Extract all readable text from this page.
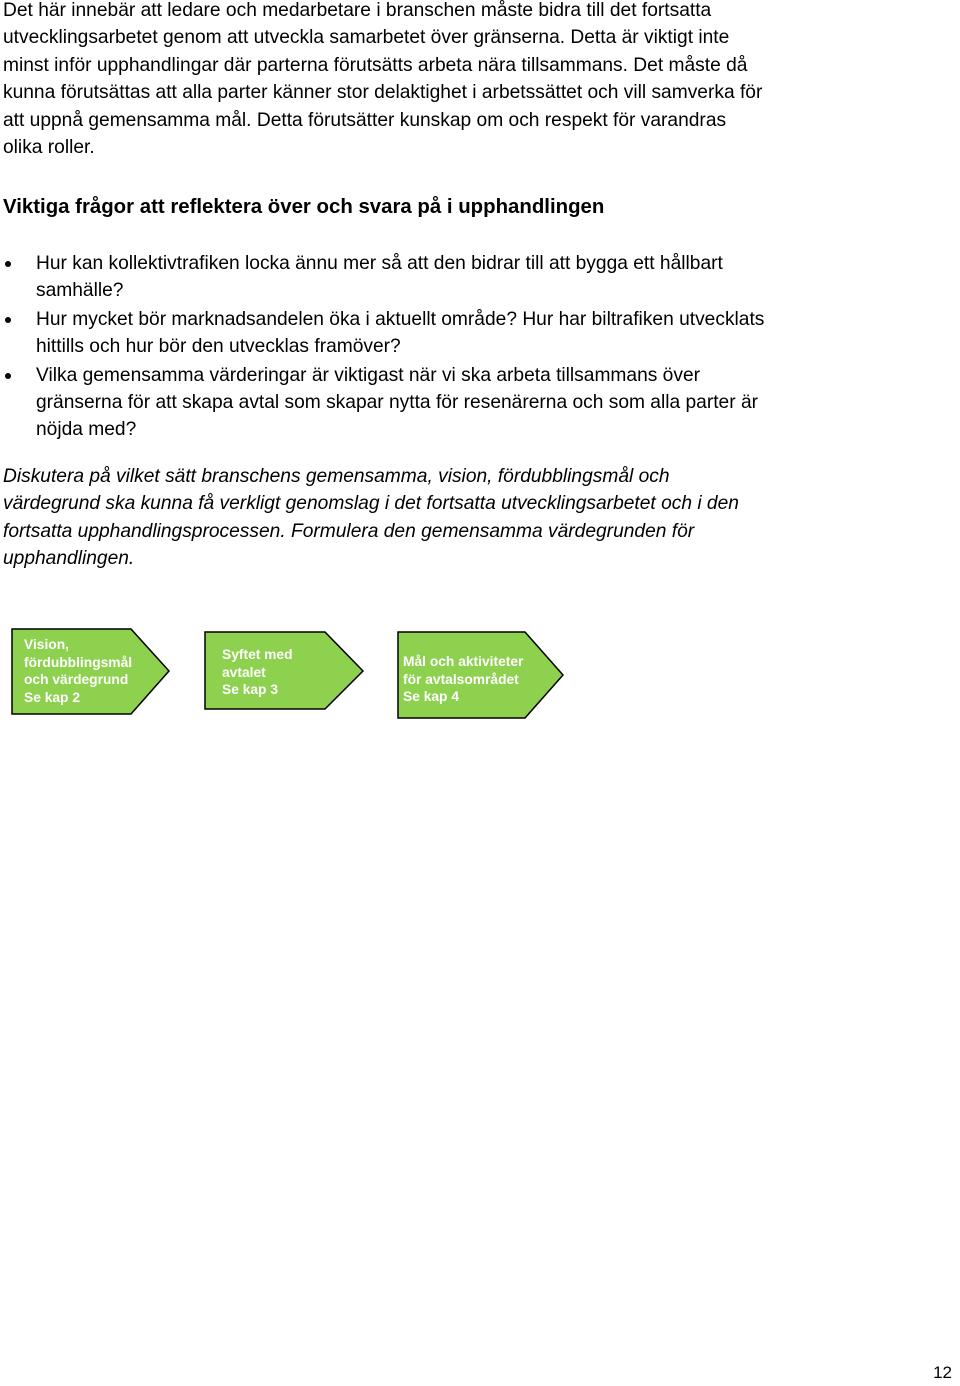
Det här innebär att ledare och medarbetare i branschen måste bidra till det fortsatta
utvecklingsarbetet genom att utveckla samarbetet över gränserna. Detta är viktigt inte
minst inför upphandlingar där parterna förutsätts arbeta nära tillsammans. Det måste då
kunna förutsättas att alla parter känner stor delaktighet i arbetssättet och vill samverka för
att uppnå gemensamma mål. Detta förutsätter kunskap om och respekt för varandras
olika roller.

Viktiga frågor att reflektera över och svara på i upphandlingen
Hur kan kollektivtrafiken locka ännu mer så att den bidrar till att bygga ett hållbart
samhälle?
Hur mycket bör marknadsandelen öka i aktuellt område? Hur har biltrafiken utvecklats
hittills och hur bör den utvecklas framöver?
Vilka gemensamma värderingar är viktigast när vi ska arbeta tillsammans över
gränserna för att skapa avtal som skapar nytta för resenärerna och som alla parter är
nöjda med?

Diskutera på vilket sätt branschens gemensamma, vision, fördubblingsmål och
värdegrund ska kunna få verkligt genomslag i det fortsatta utvecklingsarbetet och i den
fortsatta upphandlingsprocessen. Formulera den gemensamma värdegrunden för
upphandlingen.

Vision,
fördubblingsmål
och värdegrund
Se kap 2
Syftet med
avtalet
Se kap 3
Mål och aktiviteter
för avtalsområdet
Se kap 4
12
